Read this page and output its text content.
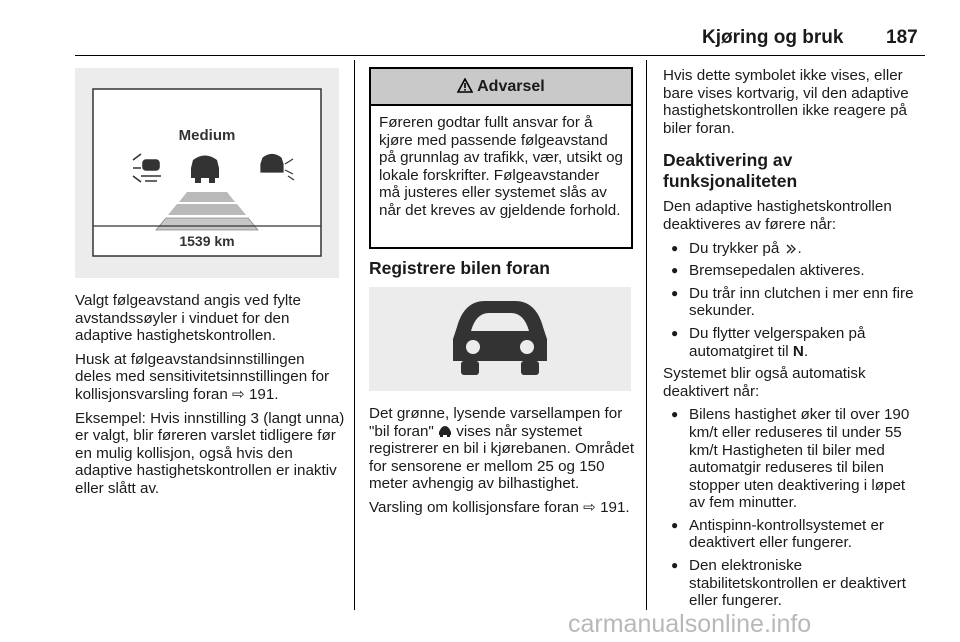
Kjøring og bruk 187
Medium
1539 km

Valgt følgeavstand angis ved fylte avstandssøyler i vinduet for den adaptive hastighetskontrollen.

Husk at følgeavstandsinnstillingen deles med sensitivitetsinnstillingen for kollisjonsvarsling foran ⇨ 191.

Eksempel: Hvis innstilling 3 (langt unna) er valgt, blir føreren varslet tidligere før en mulig kollisjon, også hvis den adaptive hastighetskontrollen er inaktiv eller slått av.

Advarsel
Føreren godtar fullt ansvar for å kjøre med passende følgeavstand på grunnlag av trafikk, vær, utsikt og lokale forskrifter. Følgeavstander må justeres eller systemet slås av når det kreves av gjeldende forhold.
Registrere bilen foran

Det grønne, lysende varsellampen for "bil foran" vises når systemet registrerer en bil i kjørebanen. Området for sensorene er mellom 25 og 150 meter avhengig av bilhastighet.

Varsling om kollisjonsfare foran ⇨ 191.

Hvis dette symbolet ikke vises, eller bare vises kortvarig, vil den adaptive hastighetskontrollen ikke reagere på biler foran.

Deaktivering av funksjonaliteten

Den adaptive hastighetskontrollen deaktiveres av førere når:

● Du trykker på .
● Bremsepedalen aktiveres.
● Du trår inn clutchen i mer enn fire sekunder.
● Du flytter velgerspaken på automatgiret til N.

Systemet blir også automatisk deaktivert når:

● Bilens hastighet øker til over 190 km/t eller reduseres til under 55 km/t Hastigheten til biler med automatgir reduseres til bilen stopper uten deaktivering i løpet av fem minutter.
● Antispinn-kontrollsystemet er deaktivert eller fungerer.
● Den elektroniske stabilitetskontrollen er deaktivert eller fungerer.
carmanualsonline.info
